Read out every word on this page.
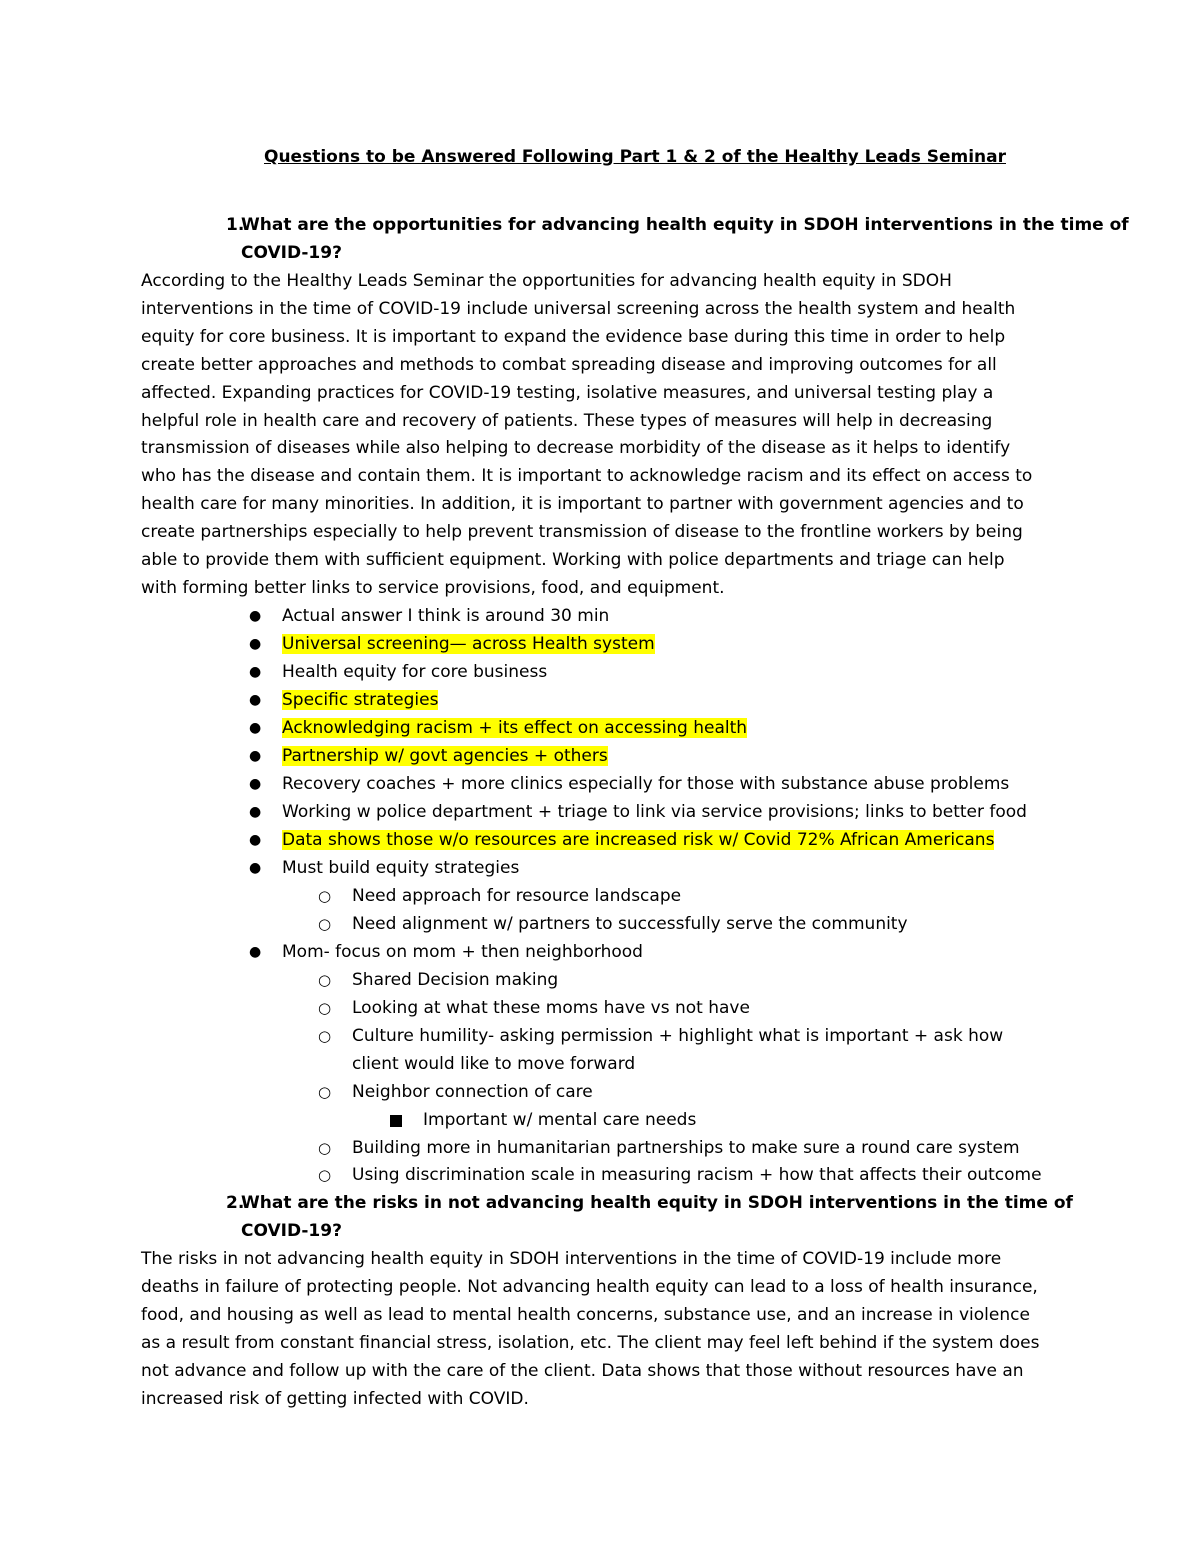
Questions to be Answered Following Part 1 & 2 of the Healthy Leads Seminar
1.
What are the opportunities for advancing health equity in SDOH interventions in the time of
COVID-19?
According to the Healthy Leads Seminar the opportunities for advancing health equity in SDOH
interventions in the time of COVID-19 include universal screening across the health system and health
equity for core business. It is important to expand the evidence base during this time in order to help
create better approaches and methods to combat spreading disease and improving outcomes for all
affected. Expanding practices for COVID-19 testing, isolative measures, and universal testing play a
helpful role in health care and recovery of patients. These types of measures will help in decreasing
transmission of diseases while also helping to decrease morbidity of the disease as it helps to identify
who has the disease and contain them. It is important to acknowledge racism and its effect on access to
health care for many minorities. In addition, it is important to partner with government agencies and to
create partnerships especially to help prevent transmission of disease to the frontline workers by being
able to provide them with sufficient equipment. Working with police departments and triage can help
with forming better links to service provisions, food, and equipment.
● Actual answer I think is around 30 min
● Universal screening— across Health system
● Health equity for core business
● Specific strategies
● Acknowledging racism + its effect on accessing health
● Partnership w/ govt agencies + others
● Recovery coaches + more clinics especially for those with substance abuse problems
● Working w police department + triage to link via service provisions; links to better food
● Data shows those w/o resources are increased risk w/ Covid 72% African Americans
● Must build equity strategies
○ Need approach for resource landscape
○ Need alignment w/ partners to successfully serve the community
● Mom- focus on mom + then neighborhood
○ Shared Decision making
○ Looking at what these moms have vs not have
○ Culture humility- asking permission + highlight what is important + ask how
client would like to move forward
○ Neighbor connection of care
Important w/ mental care needs
○ Building more in humanitarian partnerships to make sure a round care system
○ Using discrimination scale in measuring racism + how that affects their outcome
2.
What are the risks in not advancing health equity in SDOH interventions in the time of
COVID-19?
The risks in not advancing health equity in SDOH interventions in the time of COVID-19 include more
deaths in failure of protecting people. Not advancing health equity can lead to a loss of health insurance,
food, and housing as well as lead to mental health concerns, substance use, and an increase in violence
as a result from constant financial stress, isolation, etc. The client may feel left behind if the system does
not advance and follow up with the care of the client. Data shows that those without resources have an
increased risk of getting infected with COVID.
